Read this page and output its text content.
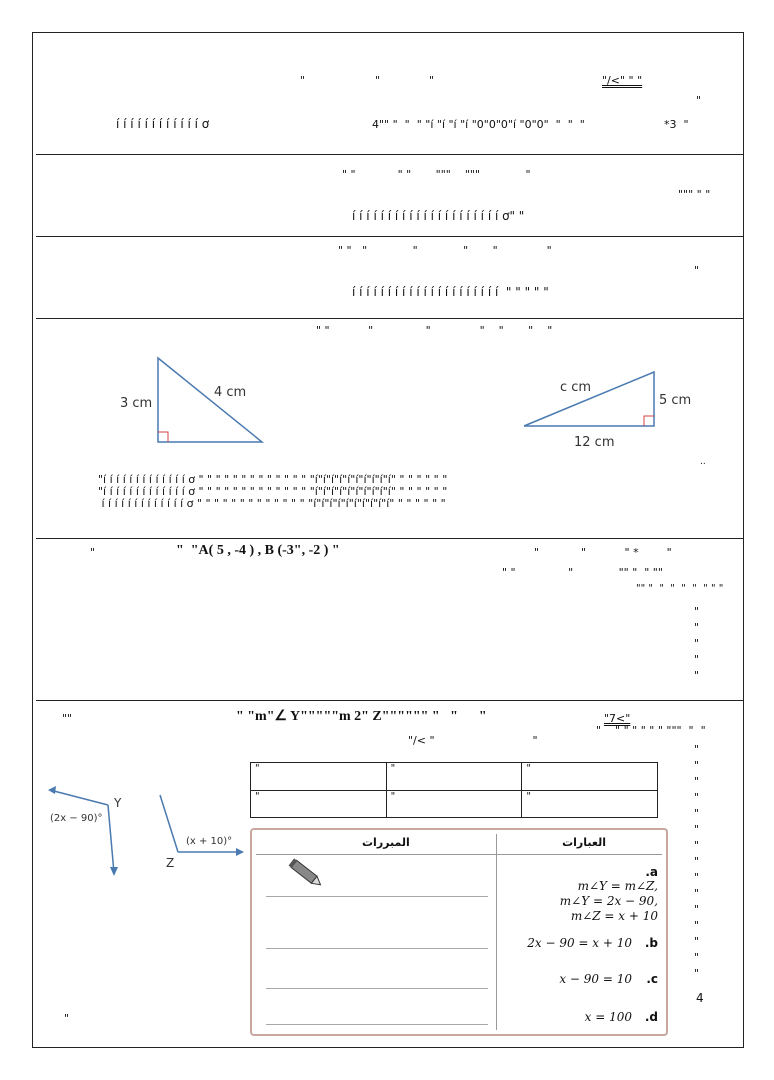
"                    "              "	"/<" " "
"
í í í í í í í í í í í í ơ	4"" "  "  " "í "í "í "í "0"0"0"í "0"0"  "  "  "	*3  "
" "            " "       """    """             "
""" " "
í í í í í í í í í í í í í í í í í í í í í ơ" "
" "   "             "             "       "              "
"
í í í í í í í í í í í í í í í í í í í í í  " " " " "
" "           "               "              "    "       "    "
3 cm
4 cm	c cm
5 cm
12 cm
..
"í í í í í í í í í í í í í ơ " " " " " " " " " " " " " "í"í"í"í"í"í"í"í"í"í" " " " " " "
"í í í í í í í í í í í í í ơ " " " " " " " " " " " " " "í"í"í"í"í"í"í"í"í"í" " " " " " "
í í í í í í í í í í í í í ơ " " " " " " " " " " " " " "í"í"í"í"í"í"í"í"í"í" " " " " " "
"	"  "A( 5 , -4 ) , B (-3", -2 ) "	"            "           " *        "
" "               "             "" "  " ""
"" "  "  "  "  "  " " "
"
"
"
"
"
""	" "m"∠ Y"""""m 2" Z"""""" "   "      "	"7<"
"    " " " " " " """  "  "
"/< "                            "
"	"	"
"	"	"
Y
(2x − 90)°
Z
(x + 10)°	المبررات	العبارات

m∠Y = m∠Z,
m∠Y = 2x − 90,
m∠Z = x + 10

.a
2x − 90 = x + 10 .b
x − 90 = 10 .c
x = 100 .d
"
"
"
"
"
"
"
"
"
"
"
"
"
"
"
4
"
